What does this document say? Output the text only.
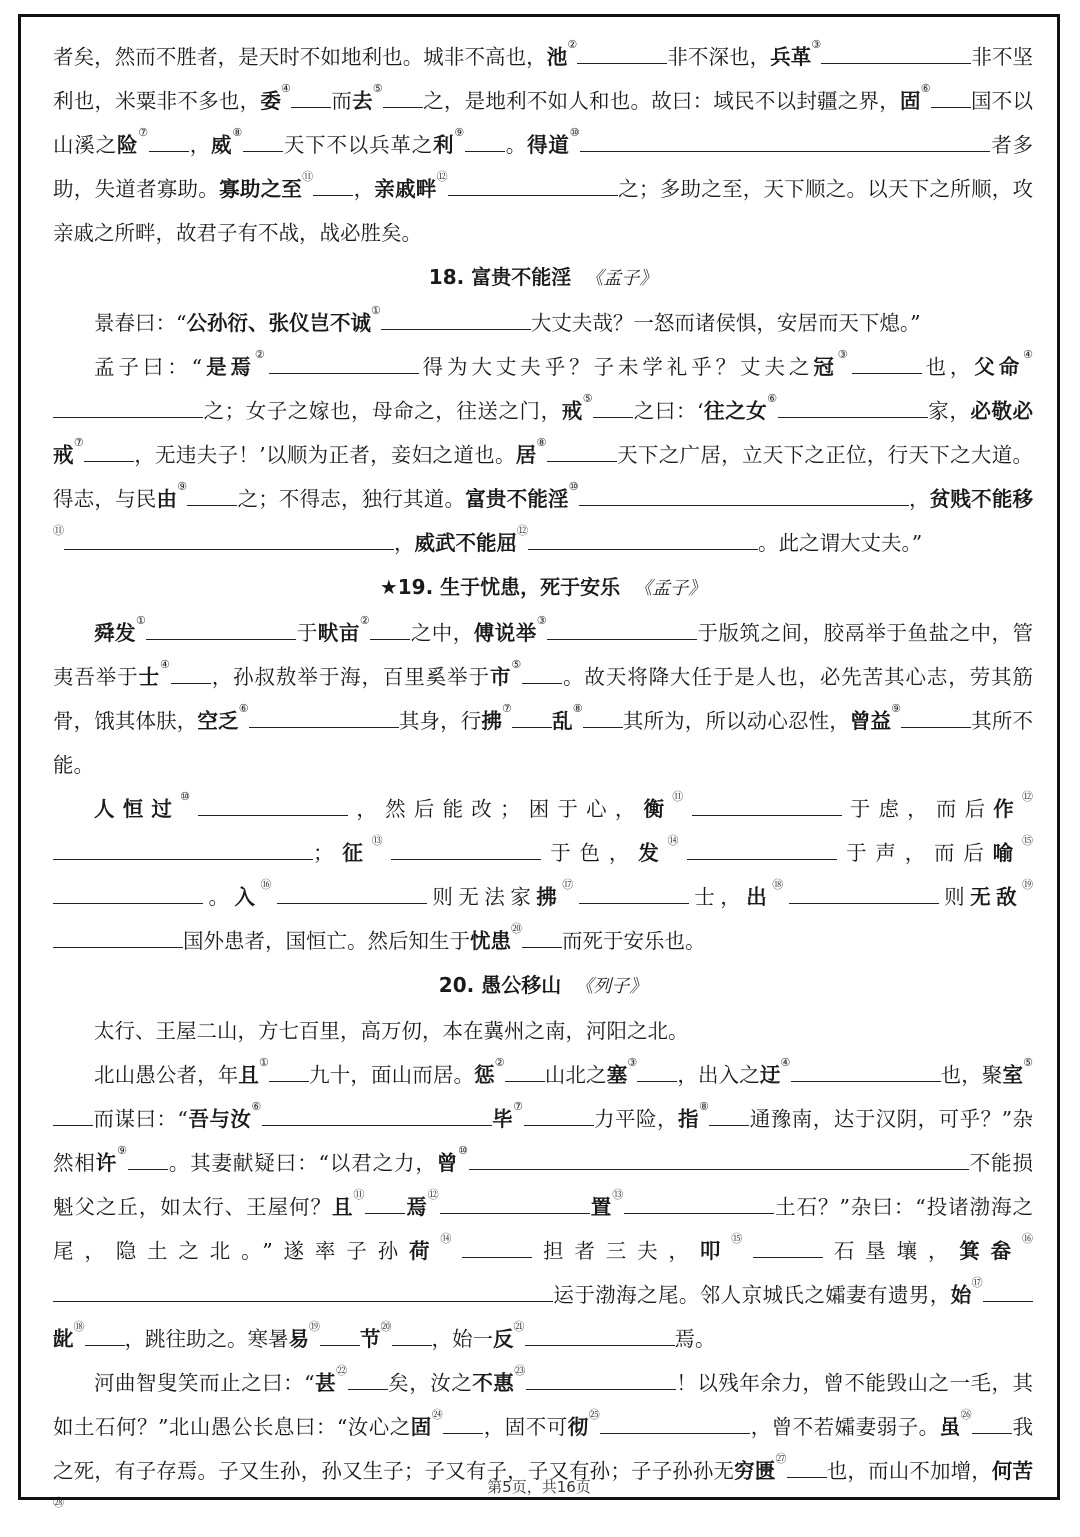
者矣，然而不胜者，是天时不如地利也。城非不高也，池②非不深也，兵革③非不坚利也，米粟非不多也，委④而去⑤之，是地利不如人和也。故曰：域民不以封疆之界，固⑥国不以山溪之险⑦，威⑧天下不以兵革之利⑨。得道⑩者多助，失道者寡助。寡助之至⑪，亲戚畔⑫之；多助之至，天下顺之。以天下之所顺，攻亲戚之所畔，故君子有不战，战必胜矣。

18. 富贵不能淫 《孟子》

景春曰：“公孙衍、张仪岂不诚①大丈夫哉？一怒而诸侯惧，安居而天下熄。”

孟子曰：“是焉②得为大丈夫乎？子未学礼乎？丈夫之冠③也，父命④之；女子之嫁也，母命之，往送之门，戒⑤之曰：‘往之女⑥家，必敬必戒⑦，无违夫子！’以顺为正者，妾妇之道也。居⑧天下之广居，立天下之正位，行天下之大道。得志，与民由⑨之；不得志，独行其道。富贵不能淫⑩，贫贱不能移⑪，威武不能屈⑫。此之谓大丈夫。”

★19. 生于忧患，死于安乐 《孟子》

舜发①于畎亩②之中，傅说举③于版筑之间，胶鬲举于鱼盐之中，管夷吾举于士④，孙叔敖举于海，百里奚举于市⑤。故天将降大任于是人也，必先苦其心志，劳其筋骨，饿其体肤，空乏⑥其身，行拂⑦乱⑧其所为，所以动心忍性，曾益⑨其所不能。

人恒过⑩，然后能改；困于心，衡⑪于虑，而后作⑫；征⑬于色，发⑭于声，而后喻⑮。入⑯则无法家拂⑰士，出⑱则无敌⑲国外患者，国恒亡。然后知生于忧患⑳而死于安乐也。

20. 愚公移山 《列子》

太行、王屋二山，方七百里，高万仞，本在冀州之南，河阳之北。

北山愚公者，年且①九十，面山而居。惩②山北之塞③，出入之迂④也，聚室⑤而谋曰：“吾与汝⑥毕⑦力平险，指⑧通豫南，达于汉阴，可乎？”杂然相许⑨。其妻献疑曰：“以君之力，曾⑩不能损魁父之丘，如太行、王屋何？且⑪焉⑫置⑬土石？”杂曰：“投诸渤海之尾，隐土之北。”遂率子孙荷⑭担者三夫，叩⑮石垦壤，箕畚⑯运于渤海之尾。邻人京城氏之孀妻有遗男，始⑰龀⑱，跳往助之。寒暑易⑲节⑳，始一反$^㉑$焉。

河曲智叟笑而止之曰：“甚$^㉒$矣，汝之不惠$^㉓$！以残年余力，曾不能毁山之一毛，其如土石何？”北山愚公长息曰：“汝心之固$^㉔$，固不可彻$^㉕$，曾不若孀妻弱子。虽$^㉖$我之死，有子存焉。子又生孙，孙又生子；子又有子，子又有孙；子子孙孙无穷匮$^㉗$也，而山不加增，何苦$^㉘$

第5页，共16页
